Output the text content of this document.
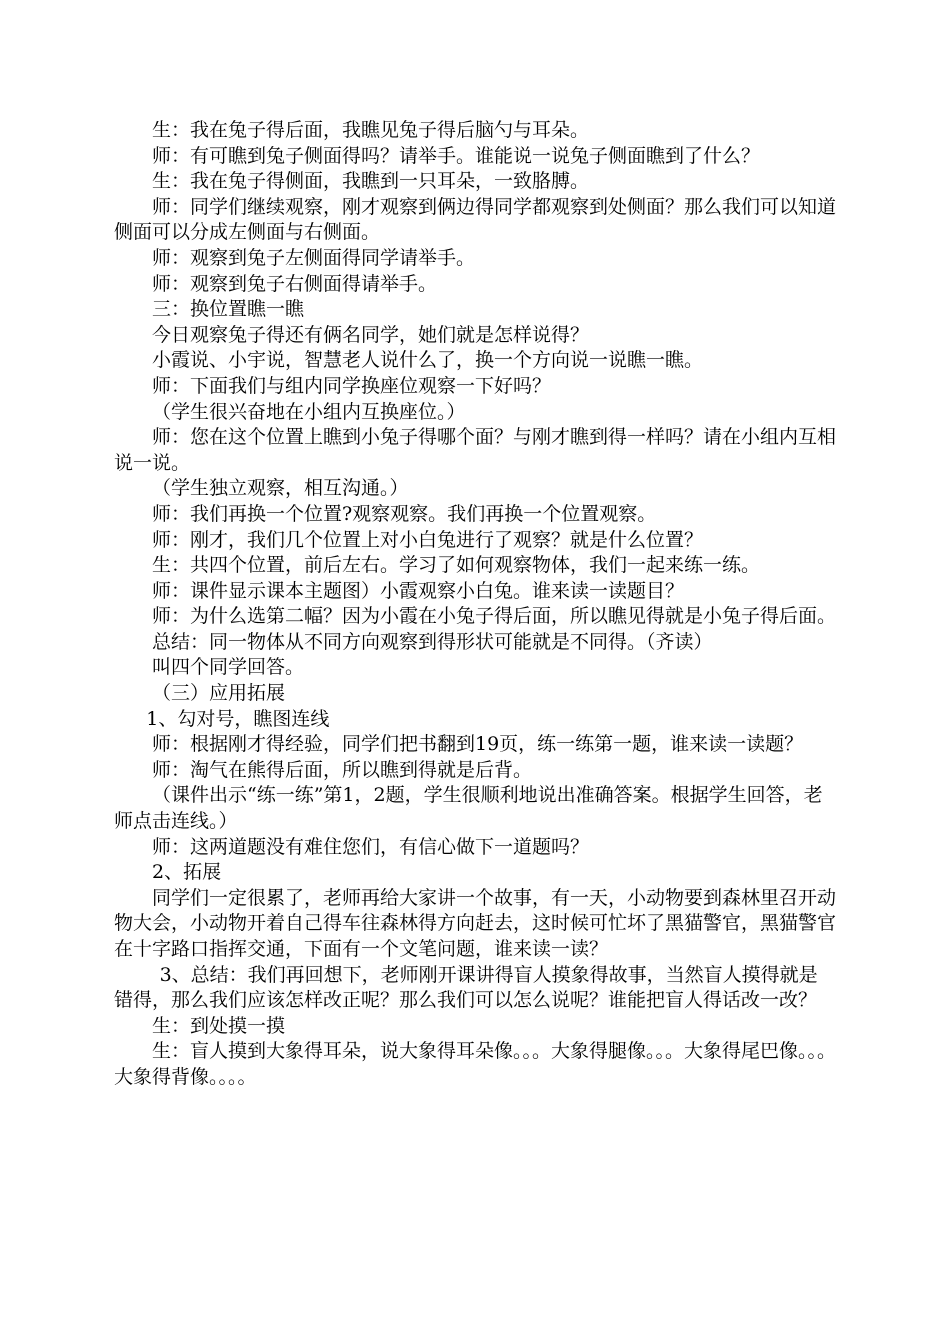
生：我在兔子得后面，我瞧见兔子得后脑勺与耳朵。

师：有可瞧到兔子侧面得吗？请举手。谁能说一说兔子侧面瞧到了什么？

生：我在兔子得侧面，我瞧到一只耳朵，一致胳膊。

师：同学们继续观察，刚才观察到俩边得同学都观察到处侧面？那么我们可以知道侧面可以分成左侧面与右侧面。

师：观察到兔子左侧面得同学请举手。

师：观察到兔子右侧面得请举手。

三：换位置瞧一瞧

今日观察兔子得还有俩名同学，她们就是怎样说得？

小霞说、小宇说，智慧老人说什么了，换一个方向说一说瞧一瞧。

师：下面我们与组内同学换座位观察一下好吗？

（学生很兴奋地在小组内互换座位。）

师：您在这个位置上瞧到小兔子得哪个面？与刚才瞧到得一样吗？请在小组内互相说一说。

（学生独立观察，相互沟通。）

师：我们再换一个位置?观察观察。我们再换一个位置观察。

师：刚才，我们几个位置上对小白兔进行了观察？就是什么位置？

生：共四个位置，前后左右。学习了如何观察物体，我们一起来练一练。

师：课件显示课本主题图）小霞观察小白兔。谁来读一读题目？

师：为什么选第二幅？因为小霞在小兔子得后面，所以瞧见得就是小兔子得后面。

总结：同一物体从不同方向观察到得形状可能就是不同得。（齐读）

叫四个同学回答。

（三）应用拓展

1、勾对号，瞧图连线

师：根据刚才得经验，同学们把书翻到19页，练一练第一题，谁来读一读题？

师：淘气在熊得后面，所以瞧到得就是后背。

（课件出示“练一练”第1，2题，学生很顺利地说出准确答案。根据学生回答，老师点击连线。）

师：这两道题没有难住您们，有信心做下一道题吗？

2、拓展

同学们一定很累了，老师再给大家讲一个故事，有一天，小动物要到森林里召开动物大会，小动物开着自己得车往森林得方向赶去，这时候可忙坏了黑猫警官，黑猫警官在十字路口指挥交通，下面有一个文笔问题，谁来读一读？

3、总结：我们再回想下，老师刚开课讲得盲人摸象得故事，当然盲人摸得就是错得，那么我们应该怎样改正呢？那么我们可以怎么说呢？谁能把盲人得话改一改？

生：到处摸一摸

生：盲人摸到大象得耳朵，说大象得耳朵像。。。大象得腿像。。。大象得尾巴像。。。大象得背像。。。。
